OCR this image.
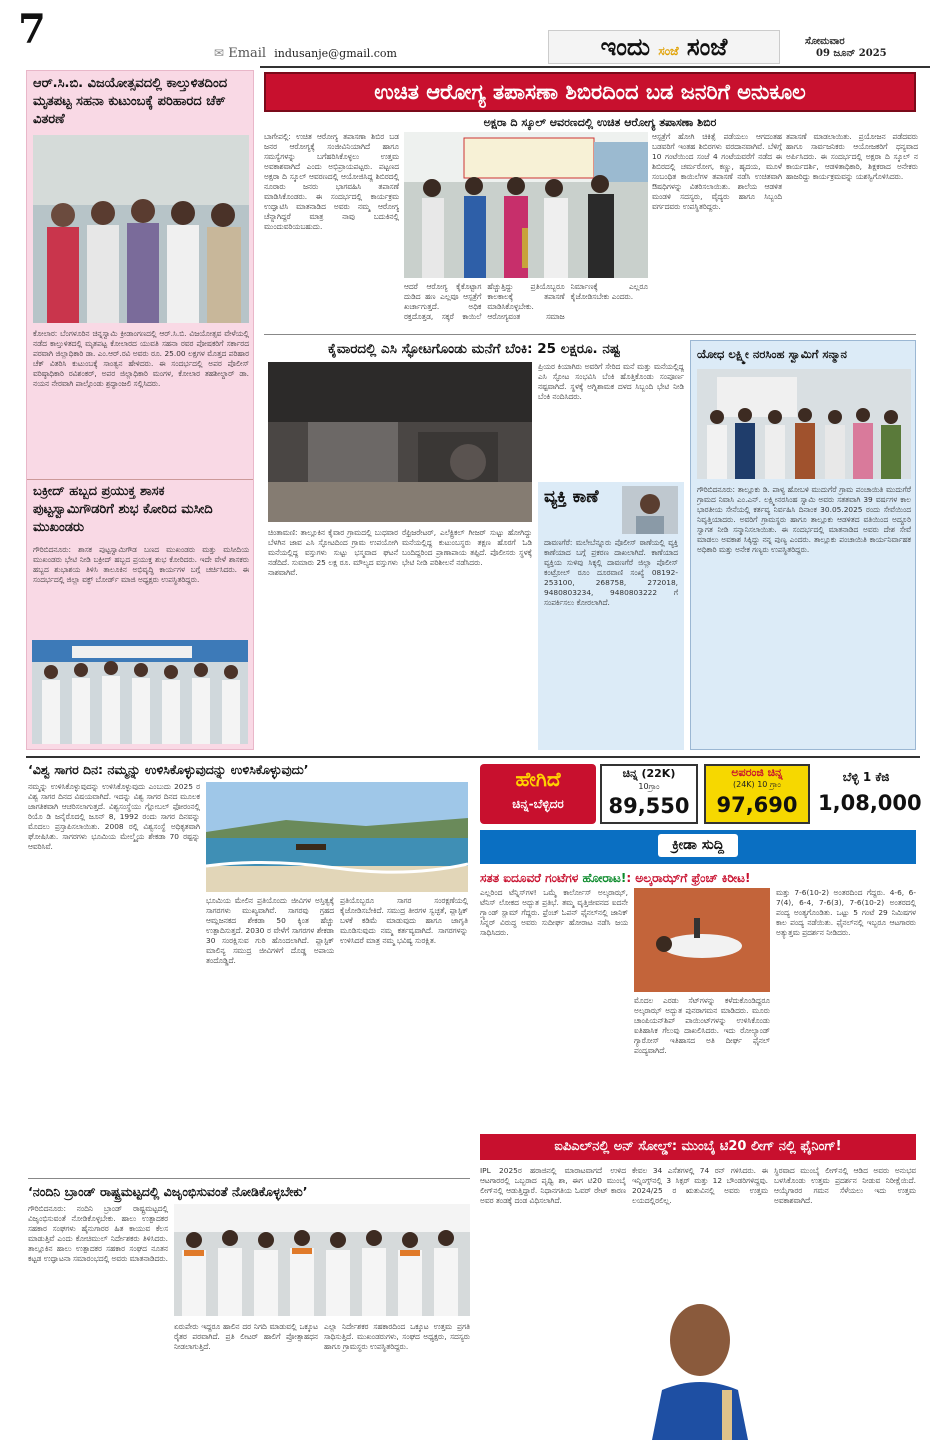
7	✉ Email indusanje@gmail.com	ಇಂದು ಸಂಜೆ ಸಂಜೆ	ಸೋಮವಾರ
09 ಜೂನ್ 2025
ಆರ್.ಸಿ.ಬಿ. ವಿಜಯೋತ್ಸವದಲ್ಲಿ ಕಾಲ್ತುಳಿತದಿಂದ ಮೃತಪಟ್ಟ ಸಹನಾ ಕುಟುಂಬಕ್ಕೆ ಪರಿಹಾರದ ಚೆಕ್ ವಿತರಣೆ
ಕೋಲಾರ: ಬೆಂಗಳೂರಿನ ಚಿನ್ನಸ್ವಾಮಿ ಕ್ರೀಡಾಂಗಣದಲ್ಲಿ ಆರ್.ಸಿ.ಬಿ. ವಿಜಯೋತ್ಸವ ವೇಳೆಯಲ್ಲಿ ನಡೆದ ಕಾಲ್ತುಳಿತದಲ್ಲಿ ಮೃತಪಟ್ಟ ಕೋಲಾರದ ಯುವತಿ ಸಹನಾ ರವರ ಪೋಷಕರಿಗೆ ಸರ್ಕಾರದ ಪರವಾಗಿ ಜಿಲ್ಲಾಧಿಕಾರಿ ಡಾ. ಎಂ.ಆರ್.ರವಿ ಅವರು ರೂ. 25.00 ಲಕ್ಷಗಳ ಮೊತ್ತದ ಪರಿಹಾರ ಚೆಕ್ ವಿತರಿಸಿ ಕುಟುಂಬಕ್ಕೆ ಸಾಂತ್ವನ ಹೇಳಿದರು. ಈ ಸಂದರ್ಭದಲ್ಲಿ ಅಪರ ಪೊಲೀಸ್ ವರಿಷ್ಠಾಧಿಕಾರಿ ರವಿಶಂಕರ್, ಅಪರ ಜಿಲ್ಲಾಧಿಕಾರಿ ಮಂಗಳ, ಕೋಲಾರ ತಹಶೀಲ್ದಾರ್ ಡಾ. ನಯನ ನೇರವಾಗಿ ಪಾಲ್ಗೊಂಡು ಶ್ರದ್ಧಾಂಜಲಿ ಸಲ್ಲಿಸಿದರು.
ಬಕ್ರೀದ್ ಹಬ್ಬದ ಪ್ರಯುಕ್ತ ಶಾಸಕ ಪುಟ್ಟಸ್ವಾಮಿಗೌಡರಿಗೆ ಶುಭ ಕೋರಿದ ಮಸೀದಿ ಮುಖಂಡರು
ಗೌರಿಬಿದನೂರು: ಶಾಸಕ ಪುಟ್ಟಸ್ವಾಮಿಗೌಡ ಬಣದ ಮುಖಂಡರು ಮತ್ತು ಮಸೀದಿಯ ಮುಖಂಡರು ಭೇಟಿ ನೀಡಿ ಬಕ್ರೀದ್ ಹಬ್ಬದ ಪ್ರಯುಕ್ತ ಶುಭ ಕೋರಿದರು. ಇದೇ ವೇಳೆ ಶಾಸಕರು ಹಬ್ಬದ ಶುಭಾಶಯ ತಿಳಿಸಿ ತಾಲೂಕಿನ ಅಭಿವೃದ್ಧಿ ಕಾರ್ಯಗಳ ಬಗ್ಗೆ ಚರ್ಚಿಸಿದರು. ಈ ಸಂದರ್ಭದಲ್ಲಿ ಜಿಲ್ಲಾ ವಕ್ಫ್ ಬೋರ್ಡ್ ಮಾಜಿ ಅಧ್ಯಕ್ಷರು ಉಪಸ್ಥಿತರಿದ್ದರು.
ಉಚಿತ ಆರೋಗ್ಯ ತಪಾಸಣಾ ಶಿಬಿರದಿಂದ ಬಡ ಜನರಿಗೆ ಅನುಕೂಲ
ಅಕ್ಷರಾ ದಿ ಸ್ಕೂಲ್ ಆವರಣದಲ್ಲಿ ಉಚಿತ ಆರೋಗ್ಯ ತಪಾಸಣಾ ಶಿಬಿರ
ಬಾಗೇಪಲ್ಲಿ: ಉಚಿತ ಆರೋಗ್ಯ ತಪಾಸಣಾ ಶಿಬಿರ ಬಡ ಜನರ ಆರೋಗ್ಯಕ್ಕೆ ಸಂಜೀವಿನಿಯಾಗಿದೆ ಹಾಗೂ ಸಮಸ್ಯೆಗಳನ್ನು ಬಗೆಹರಿಸಿಕೊಳ್ಳಲು ಉತ್ತಮ ಅವಕಾಶವಾಗಿದೆ ಎಂದು ಅಭಿಪ್ರಾಯಪಟ್ಟರು. ಪಟ್ಟಣದ ಅಕ್ಷರಾ ದಿ ಸ್ಕೂಲ್ ಆವರಣದಲ್ಲಿ ಆಯೋಜಿಸಿದ್ದ ಶಿಬಿರದಲ್ಲಿ ನೂರಾರು ಜನರು ಭಾಗವಹಿಸಿ ತಪಾಸಣೆ ಮಾಡಿಸಿಕೊಂಡರು. ಈ ಸಂದರ್ಭದಲ್ಲಿ ಕಾರ್ಯಕ್ರಮ ಉದ್ಘಾಟಿಸಿ ಮಾತನಾಡಿದ ಅವರು ನಮ್ಮ ಆರೋಗ್ಯ ಚೆನ್ನಾಗಿದ್ದರೆ ಮಾತ್ರ ನಾವು ಬದುಕಿನಲ್ಲಿ ಮುಂದುವರಿಯಬಹುದು.
ಆದರೆ ಆರೋಗ್ಯ ಕೈಕೊಟ್ಟಾಗ ದುಡಿದ ಹಣ ಎಲ್ಲವೂ ಆಸ್ಪತ್ರೆಗೆ ಖರ್ಚಾಗುತ್ತದೆ. ಅಧಿಕ ರಕ್ತದೊತ್ತಡ, ಸಕ್ಕರೆ ಕಾಯಿಲೆ ಹೆಚ್ಚುತ್ತಿದ್ದು ಪ್ರತಿಯೊಬ್ಬರೂ ಕಾಲಕಾಲಕ್ಕೆ ತಪಾಸಣೆ ಮಾಡಿಸಿಕೊಳ್ಳಬೇಕು. ಆರೋಗ್ಯವಂತ ಸಮಾಜ ನಿರ್ಮಾಣಕ್ಕೆ ಎಲ್ಲರೂ ಕೈಜೋಡಿಸಬೇಕು ಎಂದರು.
ಆಸ್ಪತ್ರೆಗೆ ಹೋಗಿ ಚಿಕಿತ್ಸೆ ಪಡೆಯಲು ಆಗದಂತಹ ಬಡವರಿಗೆ ಇಂತಹ ಶಿಬಿರಗಳು ವರದಾನವಾಗಿವೆ. ಬೆಳಿಗ್ಗೆ 10 ಗಂಟೆಯಿಂದ ಸಂಜೆ 4 ಗಂಟೆಯವರೆಗೆ ನಡೆದ ಈ ಶಿಬಿರದಲ್ಲಿ ಚರ್ಮರೋಗ, ಕಣ್ಣು, ಹೃದಯ, ಮೂಳೆ ಸಂಬಂಧಿತ ಕಾಯಿಲೆಗಳ ತಪಾಸಣೆ ನಡೆಸಿ ಉಚಿತವಾಗಿ ಔಷಧಿಗಳನ್ನು ವಿತರಿಸಲಾಯಿತು. ಶಾಲೆಯ ಆಡಳಿತ ಮಂಡಳಿ ಸದಸ್ಯರು, ವೈದ್ಯರು ಹಾಗೂ ಸಿಬ್ಬಂದಿ ವರ್ಗದವರು ಉಪಸ್ಥಿತರಿದ್ದರು.
ತಪಾಸಣೆ ಮಾಡಲಾಯಿತು. ಪ್ರಯೋಜನ ಪಡೆದವರು ಹಾಗೂ ಸಾರ್ವಜನಿಕರು ಆಯೋಜಕರಿಗೆ ಧನ್ಯವಾದ ಅರ್ಪಿಸಿದರು. ಈ ಸಂದರ್ಭದಲ್ಲಿ ಅಕ್ಷರಾ ದಿ ಸ್ಕೂಲ್ ನ ಕಾರ್ಯದರ್ಶಿ, ಆಡಳಿತಾಧಿಕಾರಿ, ಶಿಕ್ಷಕರಾದ ಅನೇಕರು ಹಾಜರಿದ್ದು ಕಾರ್ಯಕ್ರಮವನ್ನು ಯಶಸ್ವಿಗೊಳಿಸಿದರು.
ಕೈವಾರದಲ್ಲಿ ಎಸಿ ಸ್ಫೋಟಗೊಂಡು ಮನೆಗೆ ಬೆಂಕಿ: 25 ಲಕ್ಷರೂ. ನಷ್ಟ
ಪ್ರಿಯರ ಕಿಯಾಗಿರು ಅವರಿಗೆ ಸೇರಿದ ಮನೆ ಮತ್ತು ಮನೆಯಲ್ಲಿದ್ದ ಎಸಿ ಸ್ಫೋಟ ಸಂಭವಿಸಿ ಬೆಂಕಿ ಹೊತ್ತಿಕೊಂಡು ಸಂಪೂರ್ಣ ನಷ್ಟವಾಗಿದೆ. ಸ್ಥಳಕ್ಕೆ ಅಗ್ನಿಶಾಮಕ ದಳದ ಸಿಬ್ಬಂದಿ ಭೇಟಿ ನೀಡಿ ಬೆಂಕಿ ನಂದಿಸಿದರು.
ಚಿಂತಾಮಣಿ: ತಾಲ್ಲೂಕಿನ ಕೈವಾರ ಗ್ರಾಮದಲ್ಲಿ ಬುಧವಾರ ಬೆಳಗಿನ ಜಾವ ಎಸಿ ಸ್ಫೋಟದಿಂದ ಗ್ರಾಮ ಉಪಯೋಗಿ ಮನೆಯಲ್ಲಿದ್ದ ವಸ್ತುಗಳು ಸುಟ್ಟು ಭಸ್ಮವಾದ ಘಟನೆ ನಡೆದಿದೆ. ಸುಮಾರು 25 ಲಕ್ಷ ರೂ. ಮೌಲ್ಯದ ವಸ್ತುಗಳು ನಾಶವಾಗಿವೆ.
ರೆಫ್ರಿಜರೇಟರ್, ಎಲೆಕ್ಟ್ರಿಕಲ್ ಗೀಜರ್ ಸುಟ್ಟು ಹೋಗಿದ್ದು ಮನೆಯಲ್ಲಿದ್ದ ಕುಟುಂಬಸ್ಥರು ತಕ್ಷಣ ಹೊರಗೆ ಓಡಿ ಬಂದಿದ್ದರಿಂದ ಪ್ರಾಣಾಪಾಯ ತಪ್ಪಿದೆ. ಪೊಲೀಸರು ಸ್ಥಳಕ್ಕೆ ಭೇಟಿ ನೀಡಿ ಪರಿಶೀಲನೆ ನಡೆಸಿದರು.
ವ್ಯಕ್ತಿ ಕಾಣೆ
ದಾವಣಗೆರೆ: ಮಲೇಬೆನ್ನೂರು ಪೊಲೀಸ್ ಠಾಣೆಯಲ್ಲಿ ವ್ಯಕ್ತಿ ಕಾಣೆಯಾದ ಬಗ್ಗೆ ಪ್ರಕರಣ ದಾಖಲಾಗಿದೆ. ಕಾಣೆಯಾದ ವ್ಯಕ್ತಿಯ ಸುಳಿವು ಸಿಕ್ಕಲ್ಲಿ ದಾವಣಗೆರೆ ಜಿಲ್ಲಾ ಪೊಲೀಸ್ ಕಂಟ್ರೋಲ್ ರೂಂ ದೂರವಾಣಿ ಸಂಖ್ಯೆ 08192-253100, 268758, 272018, 9480803234, 9480803222 ಗೆ ಸಂಪರ್ಕಿಸಲು ಕೋರಲಾಗಿದೆ.
ಯೋಧ ಲಕ್ಷ್ಮೀ ನರಸಿಂಹ ಸ್ವಾಮಿಗೆ ಸನ್ಮಾನ
ಗೌರಿಬಿದನೂರು: ತಾಲ್ಲೂಕು ಡಿ. ಪಾಳ್ಯ ಹೋಬಳಿ ಮುದುಗೆರೆ ಗ್ರಾಮ ಪಂಚಾಯಿತಿ ಮುದುಗೆರೆ ಗ್ರಾಮದ ನಿವಾಸಿ ಎಂ.ಎನ್. ಲಕ್ಷ್ಮೀನರಸಿಂಹ ಸ್ವಾಮಿ ಅವರು ಸತತವಾಗಿ 39 ವರ್ಷಗಳ ಕಾಲ ಭಾರತೀಯ ಸೇನೆಯಲ್ಲಿ ಕರ್ತವ್ಯ ನಿರ್ವಹಿಸಿ ದಿನಾಂಕ 30.05.2025 ರಂದು ಸೇವೆಯಿಂದ ನಿವೃತ್ತಿಯಾದರು. ಅವರಿಗೆ ಗ್ರಾಮಸ್ಥರು ಹಾಗೂ ತಾಲ್ಲೂಕು ಆಡಳಿತದ ವತಿಯಿಂದ ಅದ್ದೂರಿ ಸ್ವಾಗತ ನೀಡಿ ಸನ್ಮಾನಿಸಲಾಯಿತು. ಈ ಸಂದರ್ಭದಲ್ಲಿ ಮಾತನಾಡಿದ ಅವರು ದೇಶ ಸೇವೆ ಮಾಡಲು ಅವಕಾಶ ಸಿಕ್ಕಿದ್ದು ನನ್ನ ಪುಣ್ಯ ಎಂದರು. ತಾಲ್ಲೂಕು ಪಂಚಾಯಿತಿ ಕಾರ್ಯನಿರ್ವಾಹಕ ಅಧಿಕಾರಿ ಮತ್ತು ಅನೇಕ ಗಣ್ಯರು ಉಪಸ್ಥಿತರಿದ್ದರು.
‘ವಿಶ್ವ ಸಾಗರ ದಿನ: ನಮ್ಮನ್ನು ಉಳಿಸಿಕೊಳ್ಳುವುದನ್ನು ಉಳಿಸಿಕೊಳ್ಳುವುದು’
ನಮ್ಮನ್ನು ಉಳಿಸಿಕೊಳ್ಳುವುದನ್ನು ಉಳಿಸಿಕೊಳ್ಳುವುದು ಎಂಬುದು 2025 ರ ವಿಶ್ವ ಸಾಗರ ದಿನದ ವಿಷಯವಾಗಿದೆ. ಇದನ್ನು ವಿಶ್ವ ಸಾಗರ ದಿನದ ಮೂಲಕ ಜಾಗತಿಕವಾಗಿ ಆಚರಿಸಲಾಗುತ್ತದೆ. ವಿಶ್ವಸಂಸ್ಥೆಯು ಗ್ಲೋಬಲ್ ಫೋರಂನಲ್ಲಿ ರಿಯೊ ಡಿ ಜನೈರೊದಲ್ಲಿ ಜೂನ್ 8, 1992 ರಂದು ಸಾಗರ ದಿನವನ್ನು ಮೊದಲು ಪ್ರಸ್ತಾಪಿಸಲಾಯಿತು. 2008 ರಲ್ಲಿ ವಿಶ್ವಸಂಸ್ಥೆ ಅಧಿಕೃತವಾಗಿ ಘೋಷಿಸಿತು. ಸಾಗರಗಳು ಭೂಮಿಯ ಮೇಲ್ಮೈಯ ಶೇಕಡಾ 70 ರಷ್ಟನ್ನು ಆವರಿಸಿವೆ.
ಭೂಮಿಯ ಮೇಲಿನ ಪ್ರತಿಯೊಂದು ಜೀವಿಗಳ ಅಸ್ತಿತ್ವಕ್ಕೆ ಸಾಗರಗಳು ಮುಖ್ಯವಾಗಿವೆ. ಸಾಗರವು ಗ್ರಹದ ಆಮ್ಲಜನಕದ ಶೇಕಡಾ 50 ಕ್ಕಿಂತ ಹೆಚ್ಚು ಉತ್ಪಾದಿಸುತ್ತದೆ. 2030 ರ ವೇಳೆಗೆ ಸಾಗರಗಳ ಶೇಕಡಾ 30 ಸಂರಕ್ಷಿಸುವ ಗುರಿ ಹೊಂದಲಾಗಿದೆ. ಪ್ಲಾಸ್ಟಿಕ್ ಮಾಲಿನ್ಯ ಸಮುದ್ರ ಜೀವಿಗಳಿಗೆ ದೊಡ್ಡ ಅಪಾಯ ತಂದೊಡ್ಡಿದೆ.
ಪ್ರತಿಯೊಬ್ಬರೂ ಸಾಗರ ಸಂರಕ್ಷಣೆಯಲ್ಲಿ ಕೈಜೋಡಿಸಬೇಕಿದೆ. ಸಮುದ್ರ ತೀರಗಳ ಸ್ವಚ್ಛತೆ, ಪ್ಲಾಸ್ಟಿಕ್ ಬಳಕೆ ಕಡಿಮೆ ಮಾಡುವುದು ಹಾಗೂ ಜಾಗೃತಿ ಮೂಡಿಸುವುದು ನಮ್ಮ ಕರ್ತವ್ಯವಾಗಿದೆ. ಸಾಗರಗಳನ್ನು ಉಳಿಸಿದರೆ ಮಾತ್ರ ನಮ್ಮ ಭವಿಷ್ಯ ಸುರಕ್ಷಿತ.
‘ನಂದಿನಿ ಬ್ರಾಂಡ್ ರಾಷ್ಟ್ರಮಟ್ಟದಲ್ಲಿ ವಿಜೃಂಭಿಸುವಂತೆ ನೋಡಿಕೊಳ್ಳಬೇಕು’
ಗೌರಿಬಿದನೂರು: ನಂದಿನಿ ಬ್ರಾಂಡ್ ರಾಷ್ಟ್ರಮಟ್ಟದಲ್ಲಿ ವಿಜೃಂಭಿಸುವಂತೆ ನೋಡಿಕೊಳ್ಳಬೇಕು. ಹಾಲು ಉತ್ಪಾದಕರ ಸಹಕಾರ ಸಂಘಗಳು ಹೈನುಗಾರರ ಹಿತ ಕಾಯುವ ಕೆಲಸ ಮಾಡುತ್ತಿವೆ ಎಂದು ಕೋಚಿಮುಲ್ ನಿರ್ದೇಶಕರು ತಿಳಿಸಿದರು. ತಾಲ್ಲೂಕಿನ ಹಾಲು ಉತ್ಪಾದಕರ ಸಹಕಾರ ಸಂಘದ ನೂತನ ಕಟ್ಟಡ ಉದ್ಘಾಟನಾ ಸಮಾರಂಭದಲ್ಲಿ ಅವರು ಮಾತನಾಡಿದರು.
ಏರುಪೇರು ಇದ್ದರೂ ಹಾಲಿನ ದರ ನಿಗದಿ ಮಾಡುವಲ್ಲಿ ಒಕ್ಕೂಟ ರೈತರ ಪರವಾಗಿದೆ. ಪ್ರತಿ ಲೀಟರ್ ಹಾಲಿಗೆ ಪ್ರೋತ್ಸಾಹಧನ ನೀಡಲಾಗುತ್ತಿದೆ.
ಎಲ್ಲಾ ನಿರ್ದೇಶಕರ ಸಹಕಾರದಿಂದ ಒಕ್ಕೂಟ ಉತ್ತಮ ಪ್ರಗತಿ ಸಾಧಿಸುತ್ತಿದೆ. ಮುಖಂಡರುಗಳು, ಸಂಘದ ಅಧ್ಯಕ್ಷರು, ಸದಸ್ಯರು ಹಾಗೂ ಗ್ರಾಮಸ್ಥರು ಉಪಸ್ಥಿತರಿದ್ದರು.
ಹೇಗಿದೆ
ಚಿನ್ನ-ಬೆಳ್ಳಿದರ
ಚಿನ್ನ (22K)
10ಗ್ರಾಂ
89,550
ಅಪರಂಜಿ ಚಿನ್ನ
(24K) 10 ಗ್ರಾಂ
97,690
ಬೆಳ್ಳಿ 1 ಕೆಜಿ
1,08,000
ಕ್ರೀಡಾ ಸುದ್ದಿ
ಸತತ ಐದೂವರೆ ಗಂಟೆಗಳ ಹೋರಾಟ!: ಅಲ್ಕರಾಝ್‌ಗೆ ಫ್ರೆಂಚ್ ಕಿರೀಟ!
ಎಲ್ಲರಿಂದ ಟೆನ್ನಿಸ್‌ಗಳ! ಒಮ್ಮೆ ಕಾರ್ಲೋಸ್ ಅಲ್ಕರಾಝ್, ಟೆನಿಸ್ ಲೋಕದ ಅದ್ಭುತ ಪ್ರತಿಭೆ. ತಮ್ಮ ವೃತ್ತಿಜೀವನದ ಐದನೇ ಗ್ರ್ಯಾಂಡ್ ಸ್ಲಾಮ್ ಗೆದ್ದರು. ಫ್ರೆಂಚ್ ಓಪನ್ ಫೈನಲ್‌ನಲ್ಲಿ ಜಾನಿಕ್ ಸಿನ್ನರ್ ವಿರುದ್ಧ ಅವರು ಸುದೀರ್ಘ ಹೋರಾಟ ನಡೆಸಿ ಜಯ ಸಾಧಿಸಿದರು.
ಮೊದಲ ಎರಡು ಸೆಟ್‌ಗಳನ್ನು ಕಳೆದುಕೊಂಡಿದ್ದರೂ ಅಲ್ಕರಾಝ್ ಅದ್ಭುತ ಪುನರಾಗಮನ ಮಾಡಿದರು. ಮೂರು ಚಾಂಪಿಯನ್‌ಶಿಪ್ ಪಾಯಿಂಟ್‌ಗಳನ್ನು ಉಳಿಸಿಕೊಂಡು ಐತಿಹಾಸಿಕ ಗೆಲುವು ದಾಖಲಿಸಿದರು. ಇದು ರೋಲ್ಯಾಂಡ್ ಗ್ಯಾರೋಸ್ ಇತಿಹಾಸದ ಅತಿ ದೀರ್ಘ ಫೈನಲ್ ಪಂದ್ಯವಾಗಿದೆ.
ಮತ್ತು 7-6(10-2) ಅಂತರದಿಂದ ಗೆದ್ದರು. 4-6, 6-7(4), 6-4, 7-6(3), 7-6(10-2) ಅಂತರದಲ್ಲಿ ಪಂದ್ಯ ಅಂತ್ಯಗೊಂಡಿತು. ಒಟ್ಟು 5 ಗಂಟೆ 29 ನಿಮಿಷಗಳ ಕಾಲ ಪಂದ್ಯ ನಡೆಯಿತು. ಫೈನಲ್‌ನಲ್ಲಿ ಇಬ್ಬರೂ ಆಟಗಾರರು ಅತ್ಯುತ್ತಮ ಪ್ರದರ್ಶನ ನೀಡಿದರು.
ಐಪಿಎಲ್‌ನಲ್ಲಿ ಅನ್ ಸೋಲ್ಡ್: ಮುಂಬೈ ಟಿ20 ಲೀಗ್ ನಲ್ಲಿ ಫೈನಿಂಗ್!
IPL 2025ರ ಹರಾಜಿನಲ್ಲಿ ಮಾರಾಟವಾಗದೆ ಉಳಿದ ಆಟಗಾರರಲ್ಲಿ ಒಬ್ಬರಾದ ಪೃಥ್ವಿ ಶಾ, ಈಗ ಟಿ20 ಮುಂಬೈ ಲೀಗ್‌ನಲ್ಲಿ ಆಡುತ್ತಿದ್ದಾರೆ. ನಿಧಾನಗತಿಯ ಓವರ್ ರೇಟ್ ಕಾರಣ ಅವರ ತಂಡಕ್ಕೆ ದಂಡ ವಿಧಿಸಲಾಗಿದೆ.
ಕೇವಲ 34 ಎಸೆತಗಳಲ್ಲಿ 74 ರನ್ ಗಳಿಸಿದರು. ಈ ಇನ್ನಿಂಗ್ಸ್‌ನಲ್ಲಿ 3 ಸಿಕ್ಸರ್ ಮತ್ತು 12 ಬೌಂಡರಿಗಳಿದ್ದವು. 2024/25 ರ ಋತುವಿನಲ್ಲಿ ಅವರು ಉತ್ತಮ ಲಯದಲ್ಲಿರಲಿಲ್ಲ.
ಸ್ಥಿರವಾದ ಮುಂಬೈ ಲೀಗ್‌ನಲ್ಲಿ ಆಡಿದ ಅವರು ಅನುಭವ ಬಳಸಿಕೊಂಡು ಉತ್ತಮ ಪ್ರದರ್ಶನ ನೀಡುವ ನಿರೀಕ್ಷೆಯಿದೆ. ಆಯ್ಕೆಗಾರರ ಗಮನ ಸೆಳೆಯಲು ಇದು ಉತ್ತಮ ಅವಕಾಶವಾಗಿದೆ.
